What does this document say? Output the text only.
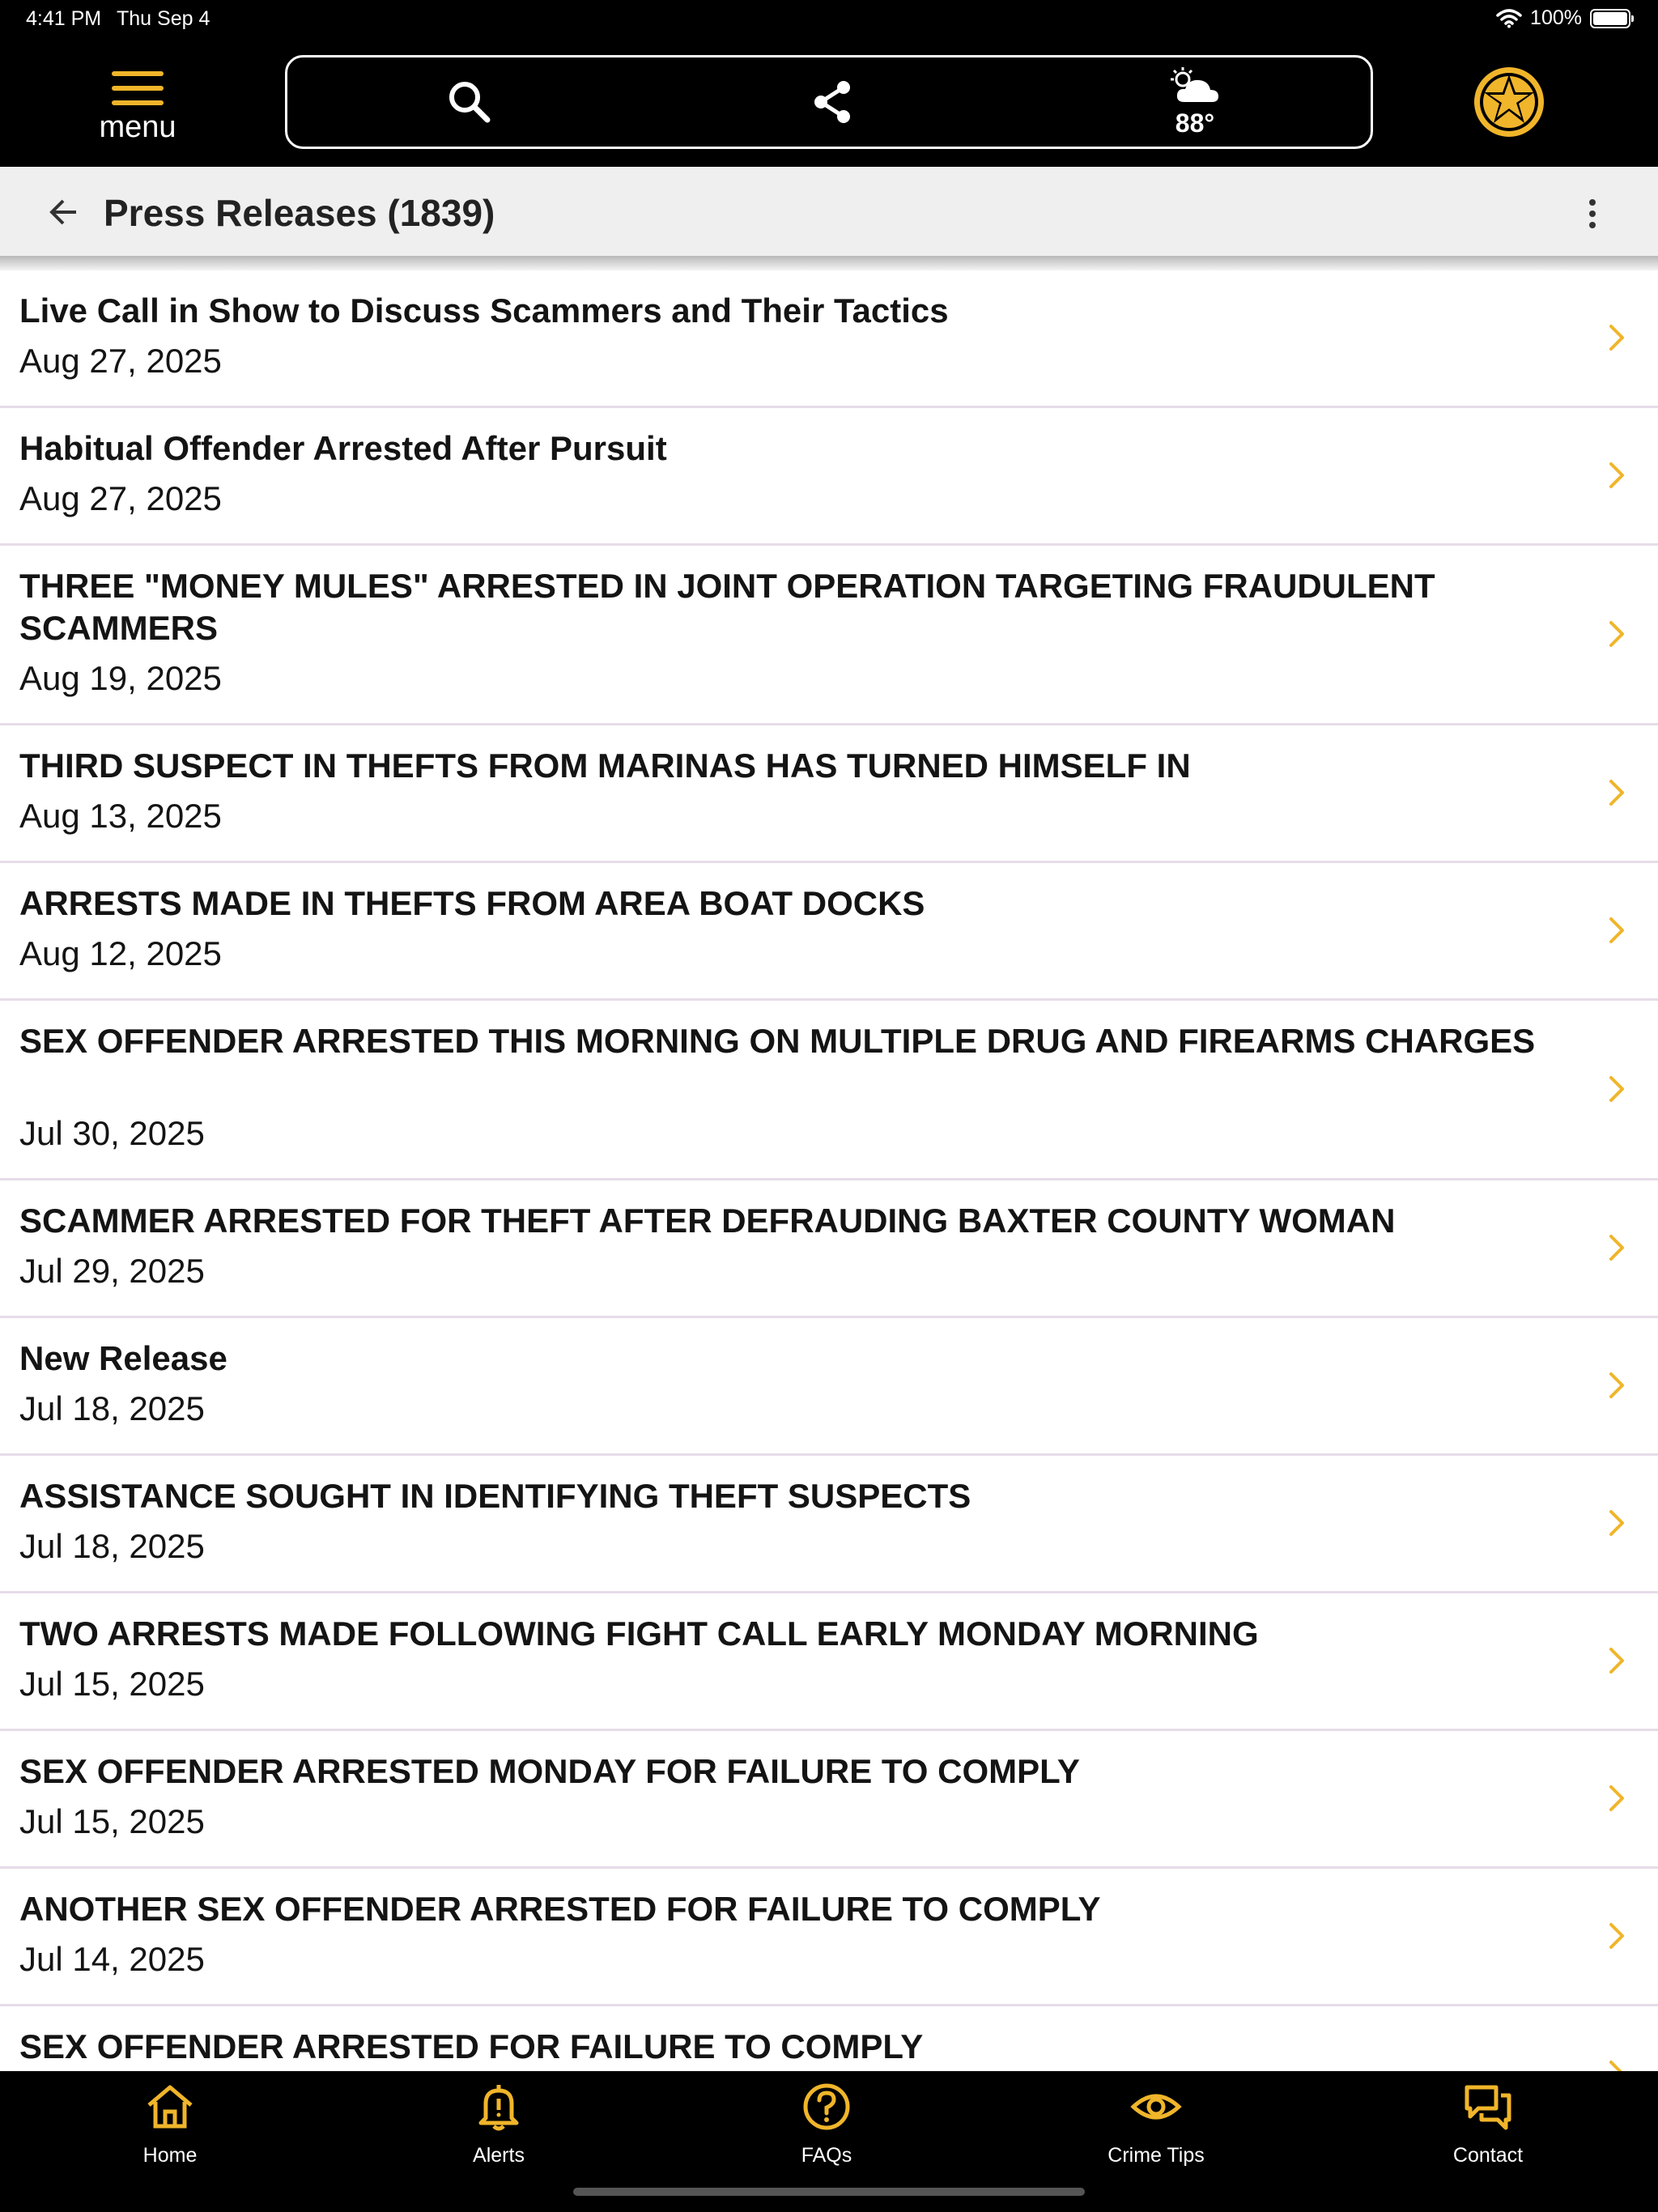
4:41 PM Thu Sep 4	100%
menu	88°
Press Releases (1839)
Live Call in Show to Discuss Scammers and Their Tactics
Aug 27, 2025
Habitual Offender Arrested After Pursuit
Aug 27, 2025
THREE "MONEY MULES" ARRESTED IN JOINT OPERATION TARGETING FRAUDULENT SCAMMERS
Aug 19, 2025
THIRD SUSPECT IN THEFTS FROM MARINAS HAS TURNED HIMSELF IN
Aug 13, 2025
ARRESTS MADE IN THEFTS FROM AREA BOAT DOCKS
Aug 12, 2025
SEX OFFENDER ARRESTED THIS MORNING ON MULTIPLE DRUG AND FIREARMS CHARGES
Jul 30, 2025
SCAMMER ARRESTED FOR THEFT AFTER DEFRAUDING BAXTER COUNTY WOMAN
Jul 29, 2025
New Release
Jul 18, 2025
ASSISTANCE SOUGHT IN IDENTIFYING THEFT SUSPECTS
Jul 18, 2025
TWO ARRESTS MADE FOLLOWING FIGHT CALL EARLY MONDAY MORNING
Jul 15, 2025
SEX OFFENDER ARRESTED MONDAY FOR FAILURE TO COMPLY
Jul 15, 2025
ANOTHER SEX OFFENDER ARRESTED FOR FAILURE TO COMPLY
Jul 14, 2025
SEX OFFENDER ARRESTED FOR FAILURE TO COMPLY
Home	Alerts	FAQs	Crime Tips	Contact
